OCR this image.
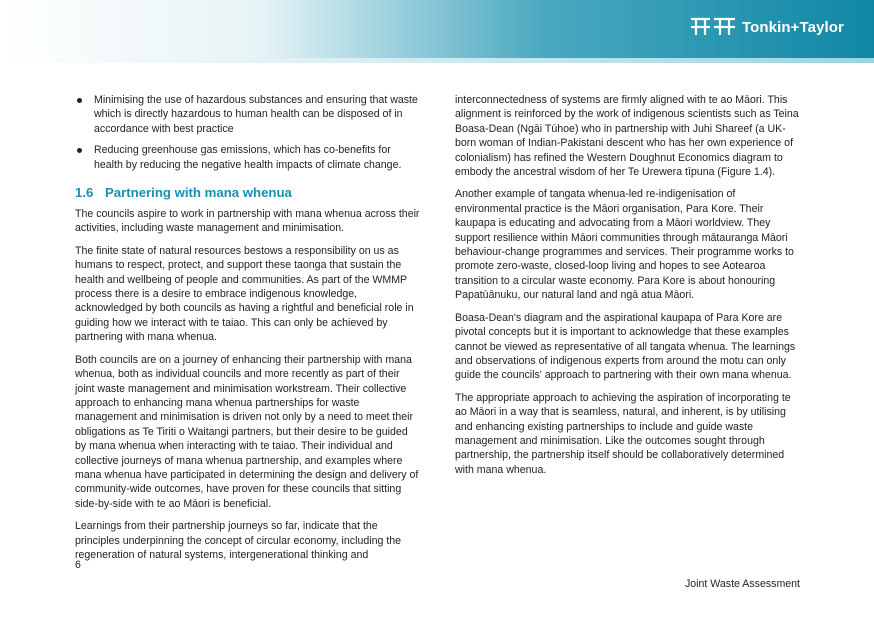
Tonkin+Taylor
Minimising the use of hazardous substances and ensuring that waste which is directly hazardous to human health can be disposed of in accordance with best practice
Reducing greenhouse gas emissions, which has co-benefits for health by reducing the negative health impacts of climate change.
1.6 Partnering with mana whenua

The councils aspire to work in partnership with mana whenua across their activities, including waste management and minimisation.

The finite state of natural resources bestows a responsibility on us as humans to respect, protect, and support these taonga that sustain the health and wellbeing of people and communities. As part of the WMMP process there is a desire to embrace indigenous knowledge, acknowledged by both councils as having a rightful and beneficial role in guiding how we interact with te taiao. This can only be achieved by partnering with mana whenua.

Both councils are on a journey of enhancing their partnership with mana whenua, both as individual councils and more recently as part of their joint waste management and minimisation workstream. Their collective approach to enhancing mana whenua partnerships for waste management and minimisation is driven not only by a need to meet their obligations as Te Tiriti o Waitangi partners, but their desire to be guided by mana whenua when interacting with te taiao. Their individual and collective journeys of mana whenua partnership, and examples where mana whenua have participated in determining the design and delivery of community-wide outcomes, have proven for these councils that sitting side-by-side with te ao Māori is beneficial.

Learnings from their partnership journeys so far, indicate that the principles underpinning the concept of circular economy, including the regeneration of natural systems, intergenerational thinking and

interconnectedness of systems are firmly aligned with te ao Māori. This alignment is reinforced by the work of indigenous scientists such as Teina Boasa-Dean (Ngāi Tūhoe) who in partnership with Juhi Shareef (a UK-born woman of Indian-Pakistani descent who has her own experience of colonialism) has refined the Western Doughnut Economics diagram to embody the ancestral wisdom of her Te Urewera tīpuna (Figure 1.4).

Another example of tangata whenua-led re-indigenisation of environmental practice is the Māori organisation, Para Kore. Their kaupapa is educating and advocating from a Māori worldview. They support resilience within Māori communities through mātauranga Māori behaviour-change programmes and services. Their programme works to promote zero-waste, closed-loop living and hopes to see Aotearoa transition to a circular waste economy. Para Kore is about honouring Papatūānuku, our natural land and ngā atua Māori.

Boasa-Dean's diagram and the aspirational kaupapa of Para Kore are pivotal concepts but it is important to acknowledge that these examples cannot be viewed as representative of all tangata whenua. The learnings and observations of indigenous experts from around the motu can only guide the councils' approach to partnering with their own mana whenua.

The appropriate approach to achieving the aspiration of incorporating te ao Māori in a way that is seamless, natural, and inherent, is by utilising and enhancing existing partnerships to include and guide waste management and minimisation. Like the outcomes sought through partnership, the partnership itself should be collaboratively determined with mana whenua.

6
Joint Waste Assessment
